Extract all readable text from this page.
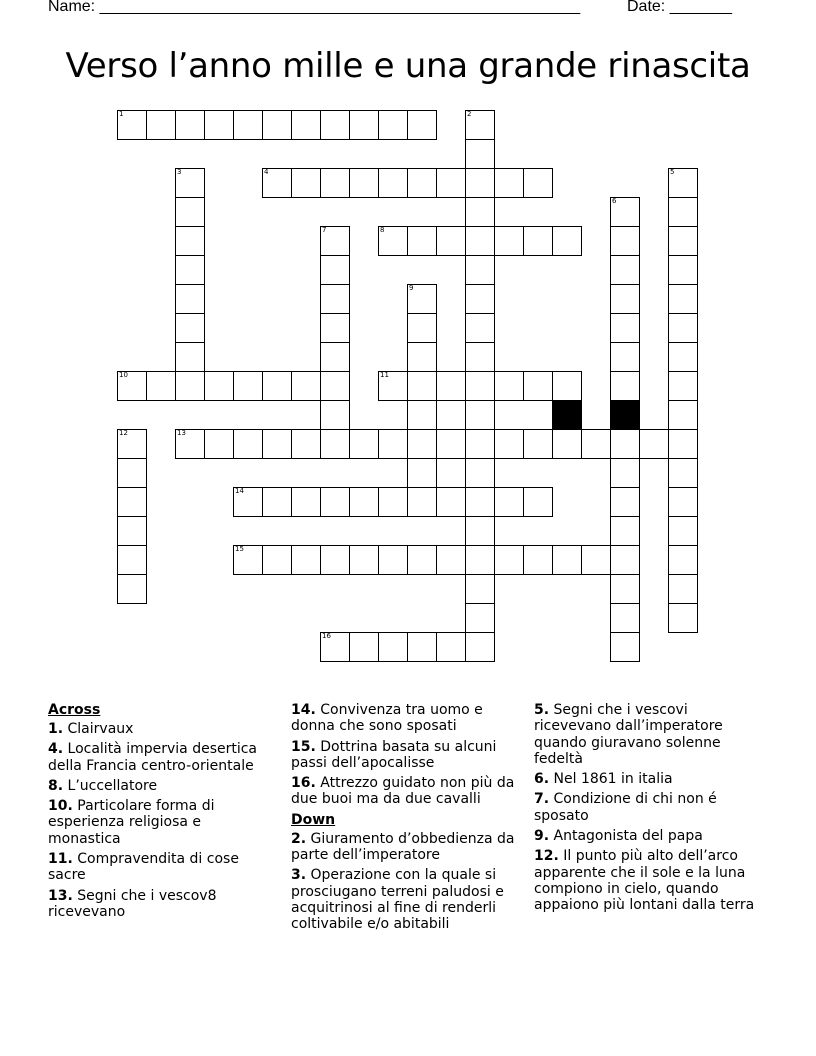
Name: ______________________________________________________	Date: _______
Verso l’anno mille e una grande rinascita
1	2
3	4	5
6
7	8
9
10	11
12	13
14
15
16
Across
1. Clairvaux
4. Località impervia desertica della Francia centro-orientale
8. L’uccellatore
10. Particolare forma di esperienza religiosa e monastica
11. Compravendita di cose sacre
13. Segni che i vescov8 ricevevano
14. Convivenza tra uomo e donna che sono sposati
15. Dottrina basata su alcuni passi dell’apocalisse
16. Attrezzo guidato non più da due buoi ma da due cavalli
Down
2. Giuramento d’obbedienza da parte dell’imperatore
3. Operazione con la quale si prosciugano terreni paludosi e acquitrinosi al fine di renderli coltivabile e/o abitabili
5. Segni che i vescovi ricevevano dall’imperatore quando giuravano solenne fedeltà
6. Nel 1861 in italia
7. Condizione di chi non é sposato
9. Antagonista del papa
12. Il punto più alto dell’arco apparente che il sole e la luna compiono in cielo, quando appaiono più lontani dalla terra
